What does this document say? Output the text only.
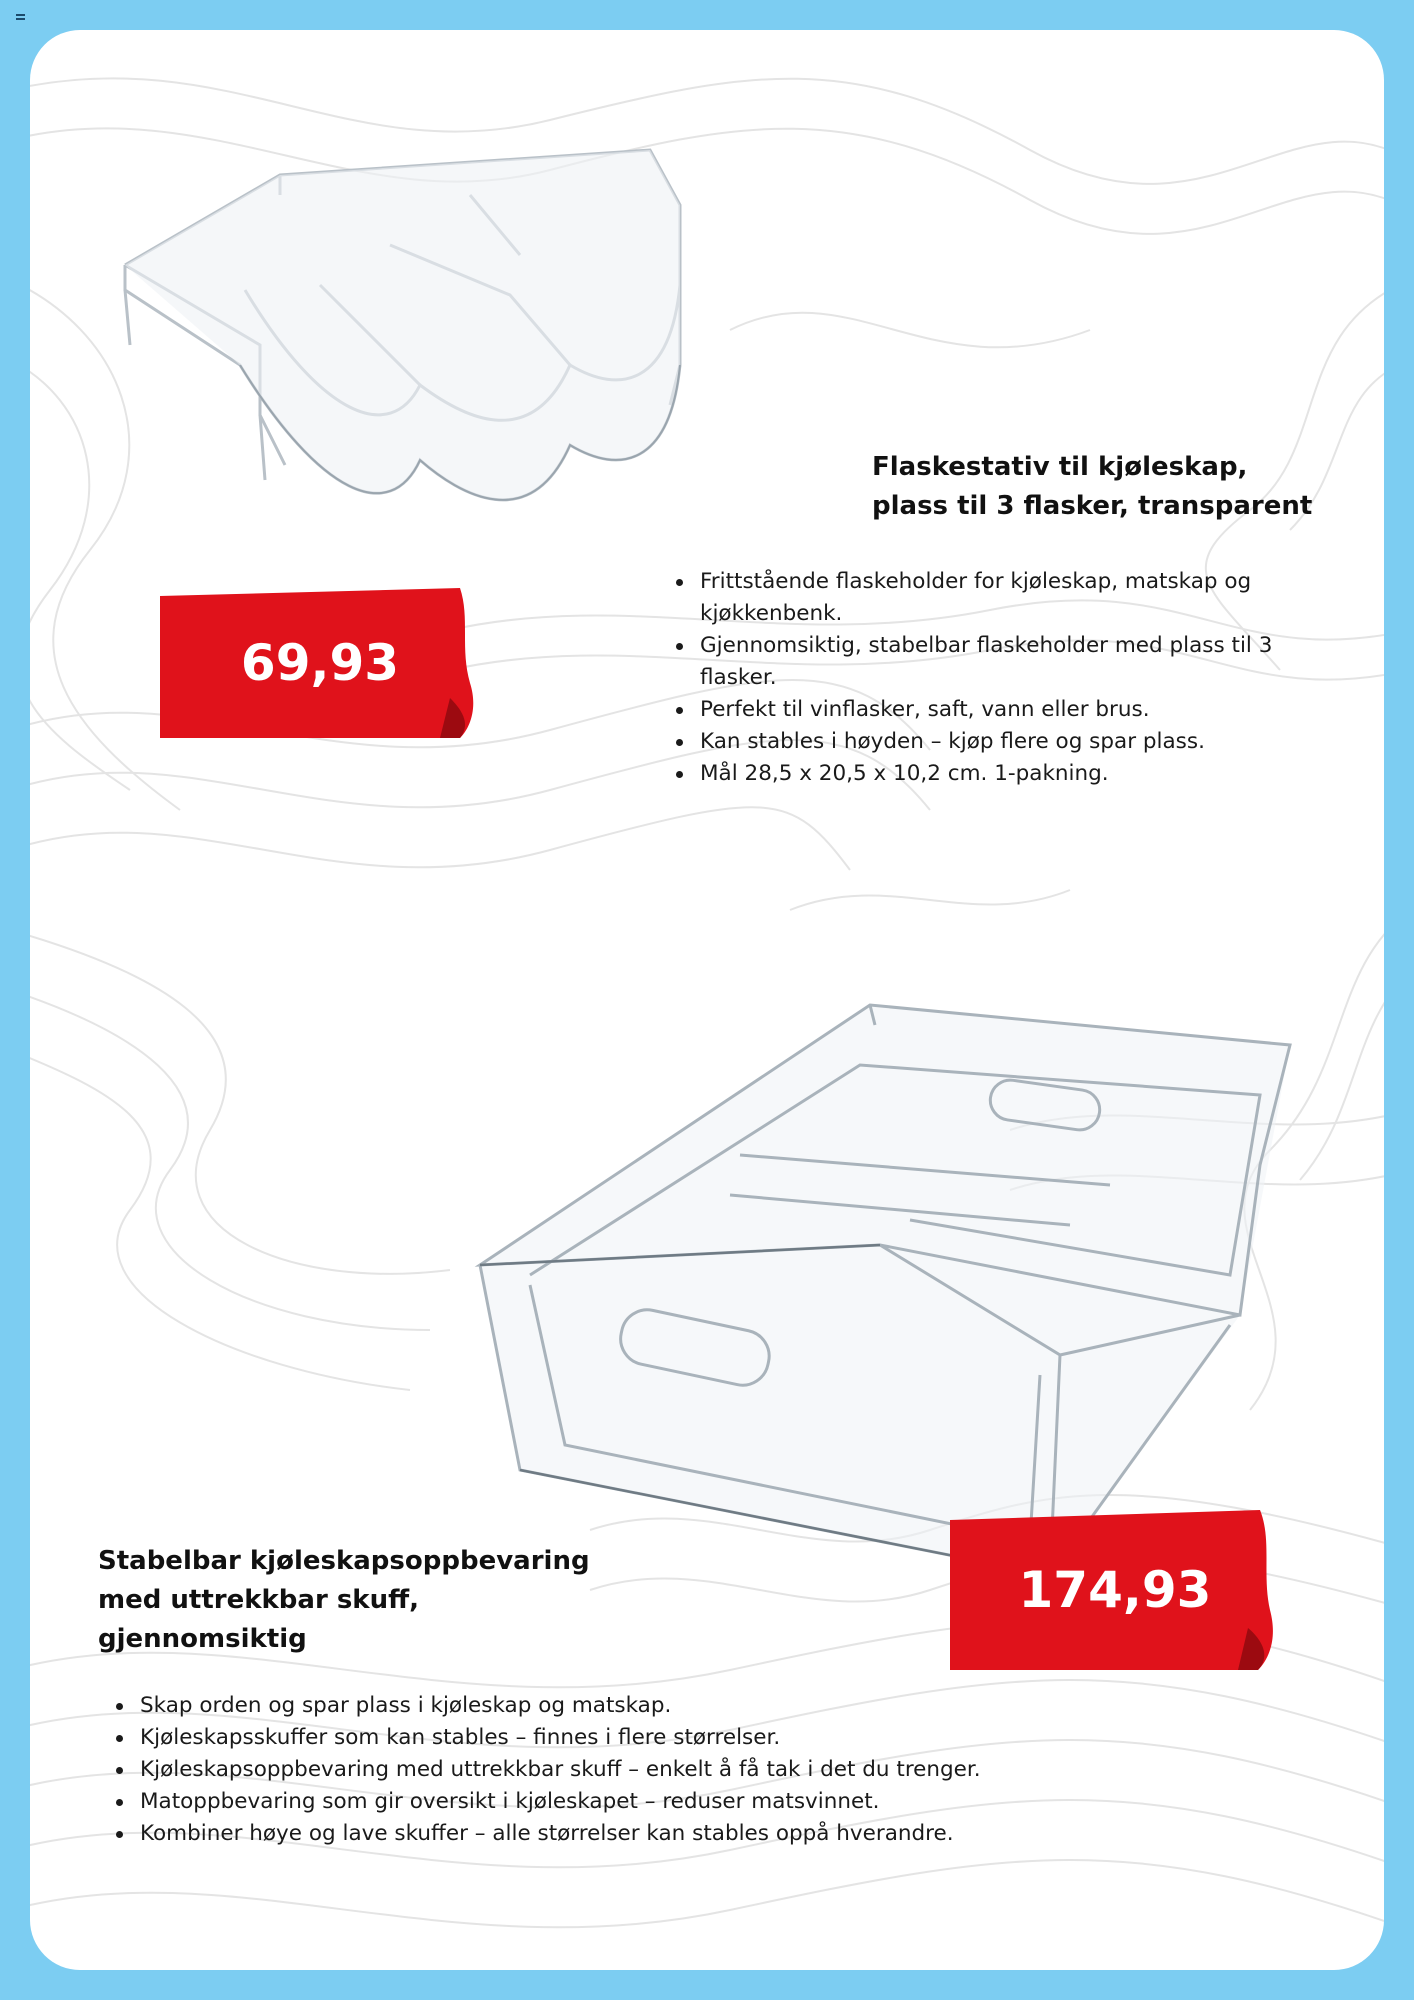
69,93
Flaskestativ til kjøleskap,
plass til 3 flasker, transparent
Frittstående flaskeholder for kjøleskap, matskap og kjøkkenbenk.
Gjennomsiktig, stabelbar flaskeholder med plass til 3 flasker.
Perfekt til vinflasker, saft, vann eller brus.
Kan stables i høyden – kjøp flere og spar plass.
Mål 28,5 x 20,5 x 10,2 cm. 1-pakning.
174,93
Stabelbar kjøleskapsoppbevaring
med uttrekkbar skuff,
gjennomsiktig
Skap orden og spar plass i kjøleskap og matskap.
Kjøleskapsskuffer som kan stables – finnes i flere størrelser.
Kjøleskapsoppbevaring med uttrekkbar skuff – enkelt å få tak i det du trenger.
Matoppbevaring som gir oversikt i kjøleskapet – reduser matsvinnet.
Kombiner høye og lave skuffer – alle størrelser kan stables oppå hverandre.
